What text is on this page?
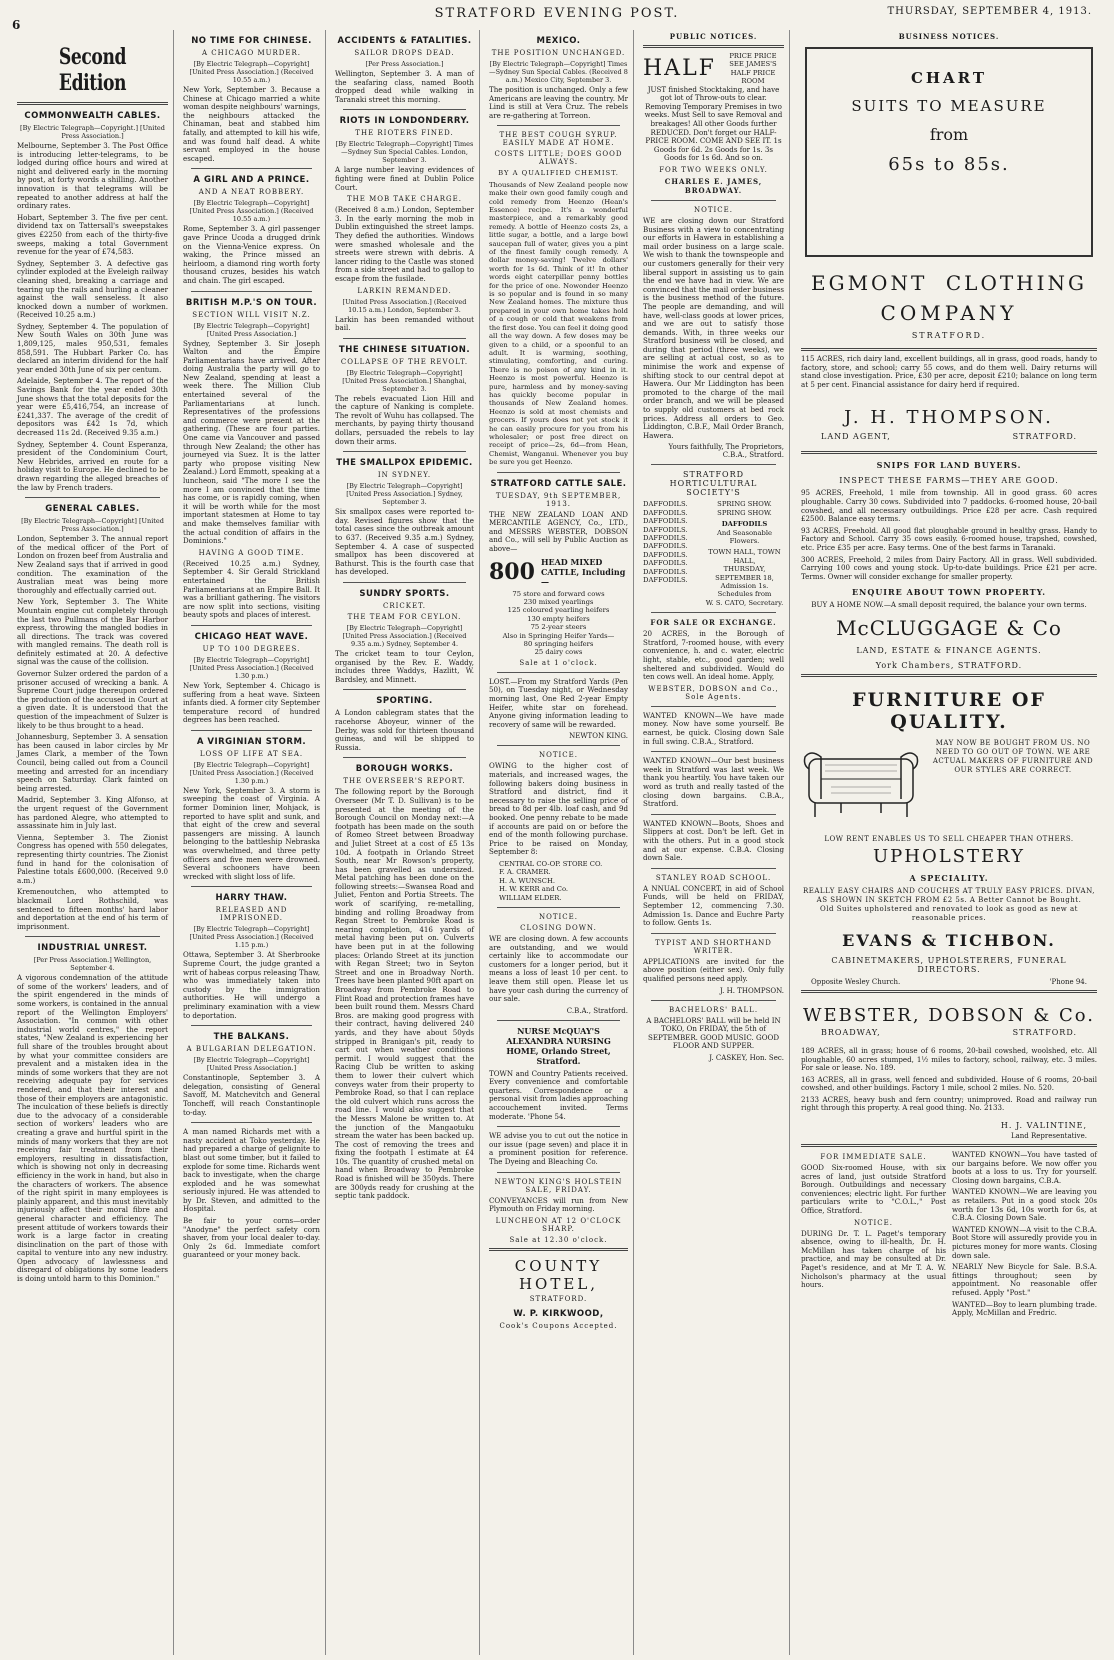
6
STRATFORD EVENING POST.	THURSDAY, SEPTEMBER 4, 1913.
Second Edition
COMMONWEALTH CABLES.
[By Electric Telegraph—Copyright.] [United Press Association.]

Melbourne, September 3. The Post Office is introducing letter-telegrams, to be lodged during office hours and wired at night and delivered early in the morning by post, at forty words a shilling. Another innovation is that telegrams will be repeated to another address at half the ordinary rates.

Hobart, September 3. The five per cent. dividend tax on Tattersall's sweepstakes gives £2250 from each of the thirty-five sweeps, making a total Government revenue for the year of £74,583.

Sydney, September 3. A defective gas cylinder exploded at the Eveleigh railway cleaning shed, breaking a carriage and tearing up the rails and hurling a cleaner against the wall senseless. It also knocked down a number of workmen. (Received 10.25 a.m.)

Sydney, September 4. The population of New South Wales on 30th June was 1,809,125, males 950,531, females 858,591. The Hubbart Parker Co. has declared an interim dividend for the half year ended 30th June of six per centum.

Adelaide, September 4. The report of the Savings Bank for the year ended 30th June shows that the total deposits for the year were £5,416,754, an increase of £241,337. The average of the credit of depositors was £42 1s 7d, which decreased 11s 2d. (Received 9.35 a.m.)

Sydney, September 4. Count Esperanza, president of the Condominium Court, New Hebrides, arrived en route for a holiday visit to Europe. He declined to be drawn regarding the alleged breaches of the law by French traders.

GENERAL CABLES.
[By Electric Telegraph—Copyright] [United Press Association.]

London, September 3. The annual report of the medical officer of the Port of London on frozen beef from Australia and New Zealand says that if arrived in good condition. The examination of the Australian meat was being more thoroughly and effectually carried out.

New York, September 3. The White Mountain engine cut completely through the last two Pullmans of the Bar Harbor express, throwing the mangled bodies in all directions. The track was covered with mangled remains. The death roll is definitely estimated at 20. A defective signal was the cause of the collision.

Governor Sulzer ordered the pardon of a prisoner accused of wrecking a bank. A Supreme Court judge thereupon ordered the production of the accused in Court at a given date. It is understood that the question of the impeachment of Sulzer is likely to be thus brought to a head.

Johannesburg, September 3. A sensation has been caused in labor circles by Mr James Clark, a member of the Town Council, being called out from a Council meeting and arrested for an incendiary speech on Saturday. Clark fainted on being arrested.

Madrid, September 3. King Alfonso, at the urgent request of the Government has pardoned Alegre, who attempted to assassinate him in July last.

Vienna, September 3. The Zionist Congress has opened with 550 delegates, representing thirty countries. The Zionist fund in hand for the colonisation of Palestine totals £600,000. (Received 9.0 a.m.)

Kremenoutchen, who attempted to blackmail Lord Rothschild, was sentenced to fifteen months' hard labor and deportation at the end of his term of imprisonment.

INDUSTRIAL UNREST.
[Per Press Association.] Wellington, September 4.

A vigorous condemnation of the attitude of some of the workers' leaders, and of the spirit engendered in the minds of some workers, is contained in the annual report of the Wellington Employers' Association. "In common with other industrial world centres," the report states, "New Zealand is experiencing her full share of the troubles brought about by what your committee considers are prevalent and a mistaken idea in the minds of some workers that they are not receiving adequate pay for services rendered, and that their interest and those of their employers are antagonistic. The inculcation of these beliefs is directly due to the advocacy of a considerable section of workers' leaders who are creating a grave and hurtful spirit in the minds of many workers that they are not receiving fair treatment from their employers, resulting in dissatisfaction, which is showing not only in decreasing efficiency in the work in hand, but also in the characters of workers. The absence of the right spirit in many employees is plainly apparent, and this must inevitably injuriously affect their moral fibre and general character and efficiency. The present attitude of workers towards their work is a large factor in creating disinclination on the part of those with capital to venture into any new industry. Open advocacy of lawlessness and disregard of obligations by some leaders is doing untold harm to this Dominion."

NO TIME FOR CHINESE.
A CHICAGO MURDER.
[By Electric Telegraph—Copyright] [United Press Association.] (Received 10.55 a.m.)

New York, September 3. Because a Chinese at Chicago married a white woman despite neighbours' warnings, the neighbours attacked the Chinaman, beat and stabbed him fatally, and attempted to kill his wife, and was found half dead. A white servant employed in the house escaped.

A GIRL AND A PRINCE.
AND A NEAT ROBBERY.
[By Electric Telegraph—Copyright] [United Press Association.] (Received 10.55 a.m.)

Rome, September 3. A girl passenger gave Prince Ucoda a drugged drink on the Vienna-Venice express. On waking, the Prince missed an heirloom, a diamond ring worth forty thousand cruzes, besides his watch and chain. The girl escaped.

BRITISH M.P.'S ON TOUR.
SECTION WILL VISIT N.Z.
[By Electric Telegraph—Copyright] [United Press Association.]

Sydney, September 3. Sir Joseph Walton and the Empire Parliamentarians have arrived. After doing Australia the party will go to New Zealand, spending at least a week there. The Million Club entertained several of the Parliamentarians at lunch. Representatives of the professions and commerce were present at the gathering. (These are four parties. One came via Vancouver and passed through New Zealand; the other has journeyed via Suez. It is the latter party who propose visiting New Zealand.) Lord Emmott, speaking at a luncheon, said "The more I see the more I am convinced that the time has come, or is rapidly coming, when it will be worth while for the most important statesmen at Home to tay and make themselves familiar with the actual condition of affairs in the Dominions."

HAVING A GOOD TIME.

(Received 10.25 a.m.) Sydney, September 4. Sir Gerald Strickland entertained the British Parliamentarians at an Empire Ball. It was a brilliant gathering. The visitors are now split into sections, visiting beauty spots and places of interest.

CHICAGO HEAT WAVE.
UP TO 100 DEGREES.
[By Electric Telegraph—Copyright] [United Press Association.] (Received 1.30 p.m.)

New York, September 4. Chicago is suffering from a heat wave. Sixteen infants died. A former city September temperature record of hundred degrees has been reached.

A VIRGINIAN STORM.
LOSS OF LIFE AT SEA.
[By Electric Telegraph—Copyright] [United Press Association.] (Received 1.30 p.m.)

New York, September 3. A storm is sweeping the coast of Virginia. A former Dominion liner, Mohjack, is reported to have split and sunk, and that eight of the crew and several passengers are missing. A launch belonging to the battleship Nebraska was overwhelmed, and three petty officers and five men were drowned. Several schooners have been wrecked with slight loss of life.

HARRY THAW.
RELEASED AND IMPRISONED.
[By Electric Telegraph—Copyright] [United Press Association.] (Received 1.15 p.m.)

Ottawa, September 3. At Sherbrooke Supreme Court, the judge granted a writ of habeas corpus releasing Thaw, who was immediately taken into custody by the immigration authorities. He will undergo a preliminary examination with a view to deportation.

THE BALKANS.
A BULGARIAN DELEGATION.
[By Electric Telegraph—Copyright] [United Press Association.]

Constantinople, September 3. A delegation, consisting of General Savoff, M. Matchevitch and General Toncheff, will reach Constantinople to-day.

A man named Richards met with a nasty accident at Toko yesterday. He had prepared a charge of gelignite to blast out some timber, but it failed to explode for some time. Richards went back to investigate, when the charge exploded and he was somewhat seriously injured. He was attended to by Dr. Steven, and admitted to the Hospital.

Be fair to your corns—order "Anodyne" the perfect safety corn shaver, from your local dealer to-day. Only 2s 6d. Immediate comfort guaranteed or your money back.

ACCIDENTS & FATALITIES.
SAILOR DROPS DEAD.
[Per Press Association.]

Wellington, September 3. A man of the seafaring class, named Booth dropped dead while walking in Taranaki street this morning.

RIOTS IN LONDONDERRY.
THE RIOTERS FINED.
[By Electric Telegraph—Copyright] Times—Sydney Sun Special Cables. London, September 3.

A large number leaving evidences of fighting were fined at Dublin Police Court.

THE MOB TAKE CHARGE.

(Received 8 a.m.) London, September 3. In the early morning the mob in Dublin extinguished the street lamps. They defied the authorities. Windows were smashed wholesale and the streets were strewn with debris. A lancer riding to the Castle was stoned from a side street and had to gallop to escape from the fusilade.

LARKIN REMANDED.
[United Press Association.] (Received 10.15 a.m.) London, September 3.

Larkin has been remanded without bail.

THE CHINESE SITUATION.
COLLAPSE OF THE REVOLT.
[By Electric Telegraph—Copyright] [United Press Association.] Shanghai, September 3.

The rebels evacuated Lion Hill and the capture of Nanking is complete. The revolt of Wuhu has collapsed. The merchants, by paying thirty thousand dollars, persuaded the rebels to lay down their arms.

THE SMALLPOX EPIDEMIC.
IN SYDNEY.
[By Electric Telegraph—Copyright] [United Press Association.] Sydney, September 3.

Six smallpox cases were reported to-day. Revised figures show that the total cases since the outbreak amount to 637. (Received 9.35 a.m.) Sydney, September 4. A case of suspected smallpox has been discovered at Bathurst. This is the fourth case that has developed.

SUNDRY SPORTS.
CRICKET.
THE TEAM FOR CEYLON.
[By Electric Telegraph—Copyright] [United Press Association.] (Received 9.35 a.m.) Sydney, September 4.

The cricket team to tour Ceylon, organised by the Rev. E. Waddy, includes three Waddys, Hazlitt, W. Bardsley, and Minnett.

SPORTING.

A London cablegram states that the racehorse Aboyeur, winner of the Derby, was sold for thirteen thousand guineas, and will be shipped to Russia.

BOROUGH WORKS.
THE OVERSEER'S REPORT.

The following report by the Borough Overseer (Mr T. D. Sullivan) is to be presented at the meeting of the Borough Council on Monday next:—A footpath has been made on the south of Romeo Street between Broadway and Juliet Street at a cost of £5 13s 10d. A footpath in Orlando Street South, near Mr Rowson's property, has been gravelled as undersized. Metal patching has been done on the following streets:—Swansea Road and Juliet, Fenton and Portia Streets. The work of scarifying, re-metalling, binding and rolling Broadway from Regan Street to Pembroke Road is nearing completion, 416 yards of metal having been put on. Culverts have been put in at the following places: Orlando Street at its junction with Regan Street; two in Seyton Street and one in Broadway North. Trees have been planted 90ft apart on Broadway from Pembroke Road to Flint Road and protection frames have been built round them. Messrs Chard Bros. are making good progress with their contract, having delivered 240 yards, and they have about 50yds stripped in Branigan's pit, ready to cart out when weather conditions permit. I would suggest that the Racing Club be written to asking them to lower their culvert which conveys water from their property to Pembroke Road, so that I can replace the old culvert which runs across the road line. I would also suggest that the Messrs Malone be written to. At the junction of the Mangaotuku stream the water has been backed up. The cost of removing the trees and fixing the footpath I estimate at £4 10s. The quantity of crushed metal on hand when Broadway to Pembroke Road is finished will be 350yds. There are 300yds ready for crushing at the septic tank paddock.

MEXICO.
THE POSITION UNCHANGED.
[By Electric Telegraph—Copyright] Times—Sydney Sun Special Cables. (Received 8 a.m.) Mexico City, September 3.

The position is unchanged. Only a few Americans are leaving the country. Mr Lind is still at Vera Cruz. The rebels are re-gathering at Torreon.

THE BEST COUGH SYRUP. EASILY MADE AT HOME.
COSTS LITTLE; DOES GOOD ALWAYS.
BY A QUALIFIED CHEMIST.

Thousands of New Zealand people now make their own good family cough and cold remedy from Heenzo (Hean's Essence) recipe. It's a wonderful masterpiece, and a remarkably good remedy. A bottle of Heenzo costs 2s, a little sugar, a bottle, and a large bowl saucepan full of water, gives you a pint of the finest family cough remedy. A dollar money-saving! Twelve dollars' worth for 1s 6d. Think of it! In other words eight caterpillar penny bottles for the price of one. Nowonder Heenzo is so popular and is found in so many New Zealand homes. The mixture thus prepared in your own home takes hold of a cough or cold that weakens from the first dose. You can feel it doing good all the way down. A few doses may be given to a child, or a spoonful to an adult. It is warming, soothing, stimulating, comforting, and curing. There is no poison of any kind in it. Heenzo is most powerful. Heenzo is pure, harmless and by money-saving has quickly become popular in thousands of New Zealand homes. Heenzo is sold at most chemists and grocers. If yours does not yet stock it he can easily procure for you from his wholesaler; or post free direct on receipt of price—2s, 6d—from Hean, Chemist, Wanganui. Whenever you buy be sure you get Heenzo.

STRATFORD CATTLE SALE.
TUESDAY, 9th SEPTEMBER, 1913.

THE NEW ZEALAND LOAN AND MERCANTILE AGENCY, Co., LTD., and MESSRS WEBSTER, DOBSON and Co., will sell by Public Auction as above—

800 HEAD MIXED CATTLE, Including—
75 store and forward cows
230 mixed yearlings
125 coloured yearling heifers
130 empty heifers
75 2-year steers
Also in Springing Heifer Yards—
80 springing heifers
25 dairy cows
Sale at 1 o'clock.

LOST.—From my Stratford Yards (Pen 50), on Tuesday night, or Wednesday morning last, One Red 2-year Empty Heifer, white star on forehead. Anyone giving information leading to recovery of same will be rewarded.

NEWTON KING.
NOTICE.

OWING to the higher cost of materials, and increased wages, the following bakers doing business in Stratford and district, find it necessary to raise the selling price of bread to 8d per 4lb. loaf cash, and 9d booked. One penny rebate to be made if accounts are paid on or before the end of the month following purchase. Price to be raised on Monday, September 8:

CENTRAL CO-OP. STORE CO.
F. A. CRAMER.
H. A. WUNSCH.
H. W. KERR and Co.
WILLIAM ELDER.
NOTICE.
CLOSING DOWN.

WE are closing down. A few accounts are outstanding, and we would certainly like to accommodate our customers for a longer period, but it means a loss of least 10 per cent. to leave them still open. Please let us have your cash during the currency of our sale.

C.B.A., Stratford.
NURSE McQUAY'S ALEXANDRA NURSING HOME, Orlando Street, Stratford.

TOWN and Country Patients received. Every convenience and comfortable quarters. Correspondence or a personal visit from ladies approaching accouchement invited. Terms moderate. 'Phone 54.

WE advise you to cut out the notice in our issue (page seven) and place it in a prominent position for reference. The Dyeing and Bleaching Co.

NEWTON KING'S HOLSTEIN SALE, FRIDAY.

CONVEYANCES will run from New Plymouth on Friday morning.

LUNCHEON AT 12 O'CLOCK SHARP.
Sale at 12.30 o'clock.
COUNTY HOTEL,
STRATFORD.
W. P. KIRKWOOD,
Cook's Coupons Accepted.
PUBLIC NOTICES.
HALF
PRICE PRICE SEE JAMES'S HALF PRICE ROOM

JUST finished Stocktaking, and have got lot of Throw-outs to clear. Removing Temporary Premises in two weeks. Must Sell to save Removal and breakages! All other Goods further REDUCED. Don't forget our HALF-PRICE ROOM. COME AND SEE IT. 1s Goods for 6d. 2s Goods for 1s. 3s Goods for 1s 6d. And so on.

FOR TWO WEEKS ONLY.
CHARLES E. JAMES, BROADWAY.
NOTICE.

WE are closing down our Stratford Business with a view to concentrating our efforts in Hawera in establishing a mail order business on a large scale. We wish to thank the townspeople and our customers generally for their very liberal support in assisting us to gain the end we have had in view. We are convinced that the mail order business is the business method of the future. The people are demanding, and will have, well-class goods at lower prices, and we are out to satisfy those demands. With, in three weeks our Stratford business will be closed, and during that period (three weeks), we are selling at actual cost, so as to minimise the work and expense of shifting stock to our central depot at Hawera. Our Mr Liddington has been promoted to the charge of the mail order branch, and we will be pleased to supply old customers at bed rock prices. Address all orders to Geo. Liddington, C.B.F., Mail Order Branch, Hawera.

Yours faithfully, The Proprietors, C.B.A., Stratford.
STRATFORD HORTICULTURAL SOCIETY'S
DAFFODILS.
DAFFODILS.
DAFFODILS.
DAFFODILS.
DAFFODILS.
DAFFODILS.
DAFFODILS.
DAFFODILS.
DAFFODILS.
DAFFODILS.
SPRING SHOW. SPRING SHOW.
DAFFODILS
And Seasonable Flowers.
TOWN HALL, TOWN HALL,
THURSDAY,
SEPTEMBER 18,
Admission 1s.
Schedules from
W. S. CATO, Secretary.
FOR SALE OR EXCHANGE.

20 ACRES, in the Borough of Stratford, 7-roomed house, with every convenience, h. and c. water, electric light, stable, etc., good garden; well sheltered and subdivided. Would do ten cows well. An ideal home. Apply,

WEBSTER, DOBSON and Co., Sole Agents.

WANTED KNOWN—We have made money. Now have some yourself. Be earnest, be quick. Closing down Sale in full swing. C.B.A., Stratford.

WANTED KNOWN—Our best business week in Stratford was last week. We thank you heartily. You have taken our word as truth and really tasted of the closing down bargains. C.B.A., Stratford.

WANTED KNOWN—Boots, Shoes and Slippers at cost. Don't be left. Get in with the others. Put in a good stock and at our expense. C.B.A. Closing down Sale.

STANLEY ROAD SCHOOL.

A NNUAL CONCERT, in aid of School Funds, will be held on FRIDAY, September 12, commencing 7.30. Admission 1s. Dance and Euchre Party to follow. Gents 1s.

TYPIST AND SHORTHAND WRITER.

APPLICATIONS are invited for the above position (either sex). Only fully qualified persons need apply.

J. H. THOMPSON.
BACHELORS' BALL.

A BACHELORS' BALL will be held IN TOKO, On FRIDAY, the 5th of SEPTEMBER. GOOD MUSIC. GOOD FLOOR AND SUPPER.

J. CASKEY, Hon. Sec.
BUSINESS NOTICES.
CHART
SUITS TO MEASURE
from
65s to 85s.
EGMONT CLOTHING
COMPANY
STRATFORD.

115 ACRES, rich dairy land, excellent buildings, all in grass, good roads, handy to factory, store, and school; carry 55 cows, and do them well. Dairy returns will stand close investigation. Price, £30 per acre, deposit £210; balance on long term at 5 per cent. Financial assistance for dairy herd if required.

J. H. THOMPSON.
LAND AGENT,	STRATFORD.
SNIPS FOR LAND BUYERS.
INSPECT THESE FARMS—THEY ARE GOOD.

95 ACRES, Freehold, 1 mile from township. All in good grass. 60 acres ploughable. Carry 30 cows. Subdivided into 7 paddocks. 6-roomed house, 20-bail cowshed, and all necessary outbuildings. Price £28 per acre. Cash required £2500. Balance easy terms.

93 ACRES, Freehold. All good flat ploughable ground in healthy grass. Handy to Factory and School. Carry 35 cows easily. 6-roomed house, trapshed, cowshed, etc. Price £35 per acre. Easy terms. One of the best farms in Taranaki.

300 ACRES, Freehold, 2 miles from Dairy Factory. All in grass. Well subdivided. Carrying 100 cows and young stock. Up-to-date buildings. Price £21 per acre. Terms. Owner will consider exchange for smaller property.

ENQUIRE ABOUT TOWN PROPERTY.

BUY A HOME NOW.—A small deposit required, the balance your own terms.

McCLUGGAGE & Co
LAND, ESTATE & FINANCE AGENTS.
York Chambers, STRATFORD.
FURNITURE OF QUALITY.
MAY NOW BE BOUGHT FROM US. NO NEED TO GO OUT OF TOWN. WE ARE ACTUAL MAKERS OF FURNITURE AND OUR STYLES ARE CORRECT.
LOW RENT ENABLES US TO SELL CHEAPER THAN OTHERS.
UPHOLSTERY
A SPECIALITY.
REALLY EASY CHAIRS AND COUCHES AT TRULY EASY PRICES. DIVAN, AS SHOWN IN SKETCH FROM £2 5s. A Better Cannot be Bought.
Old Suites upholstered and renovated to look as good as new at reasonable prices.
EVANS & TICHBON.
CABINETMAKERS, UPHOLSTERERS, FUNERAL DIRECTORS.
Opposite Wesley Church.	'Phone 94.
WEBSTER, DOBSON & Co.
BROADWAY,	STRATFORD.

189 ACRES, all in grass; house of 6 rooms, 20-bail cowshed, woolshed, etc. All ploughable, 60 acres stumped, 1½ miles to factory, school, railway, etc. 3 miles. For sale or lease. No. 189.

163 ACRES, all in grass, well fenced and subdivided. House of 6 rooms, 20-bail cowshed, and other buildings. Factory 1 mile, school 2 miles. No. 520.

2133 ACRES, heavy bush and fern country; unimproved. Road and railway run right through this property. A real good thing. No. 2133.

H. J. VALINTINE,
Land Representative.
FOR IMMEDIATE SALE.

GOOD Six-roomed House, with six acres of land, just outside Stratford Borough. Outbuildings and necessary conveniences; electric light. For further particulars write to "C.O.L.," Post Office, Stratford.

NOTICE.

DURING Dr. T. L. Paget's temporary absence, owing to ill-health, Dr. H. McMillan has taken charge of his practice, and may be consulted at Dr. Paget's residence, and at Mr T. A. W. Nicholson's pharmacy at the usual hours.

WANTED KNOWN—You have tasted of our bargains before. We now offer you boots at a loss to us. Try for yourself. Closing down bargains, C.B.A.

WANTED KNOWN—We are leaving you as retailers. Put in a good stock 20s worth for 13s 6d, 10s worth for 6s, at C.B.A. Closing Down Sale.

WANTED KNOWN—A visit to the C.B.A. Boot Store will assuredly provide you in pictures money for more wants. Closing down sale.

NEARLY New Bicycle for Sale. B.S.A. fittings throughout; seen by appointment. No reasonable offer refused. Apply "Post."

WANTED—Boy to learn plumbing trade. Apply, McMillan and Fredric.
